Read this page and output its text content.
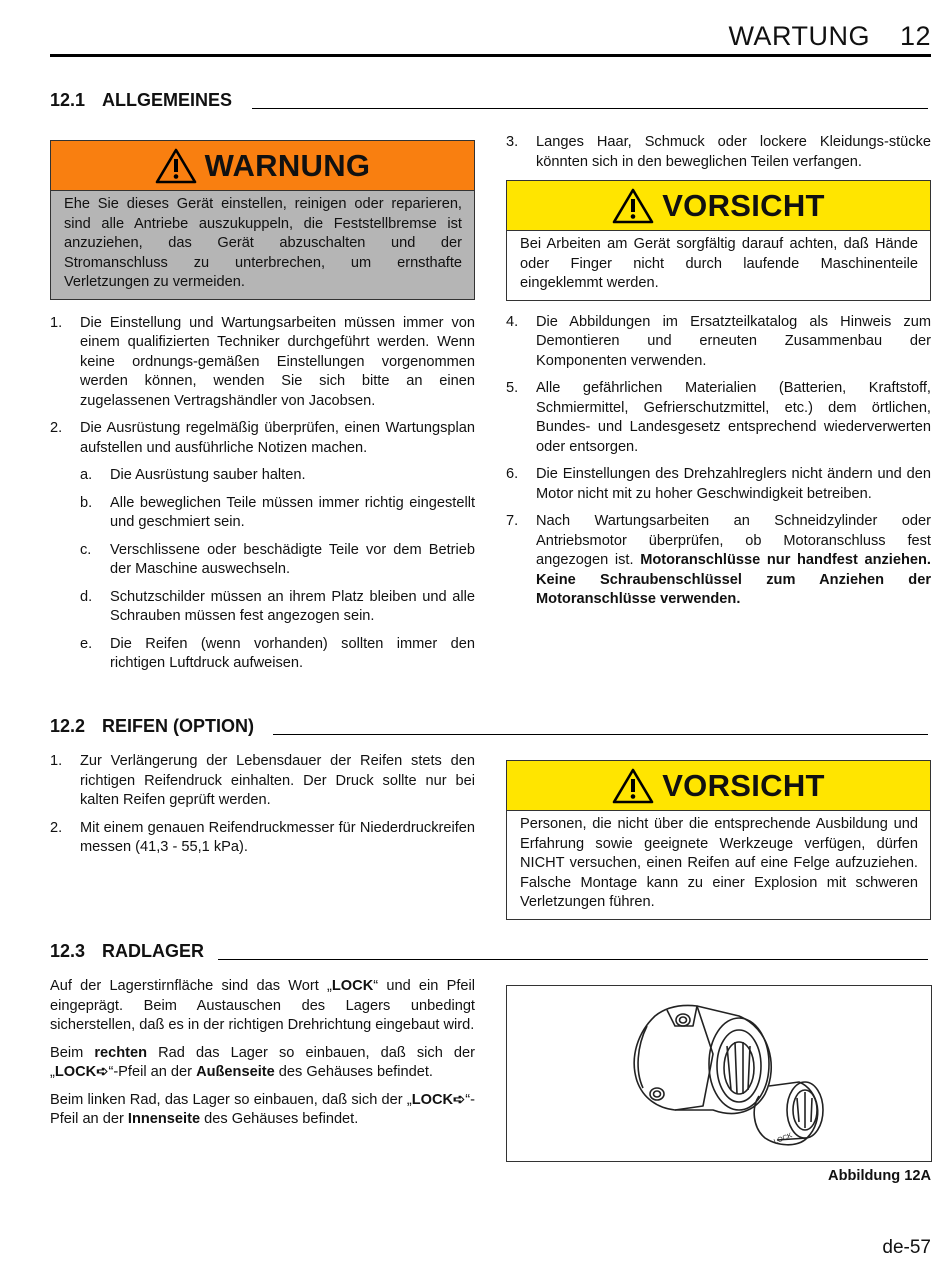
WARTUNG 12
12.1 ALLGEMEINES
WARNUNG
Ehe Sie dieses Gerät einstellen, reinigen oder reparieren, sind alle Antriebe auszukuppeln, die Feststellbremse ist anzuziehen, das Gerät abzuschalten und der Stromanschluss zu unterbrechen, um ernsthafte Verletzungen zu vermeiden.
1. Die Einstellung und Wartungsarbeiten müssen immer von einem qualifizierten Techniker durchgeführt werden. Wenn keine ordnungs-gemäßen Einstellungen vorgenommen werden können, wenden Sie sich bitte an einen zugelassenen Vertragshändler von Jacobsen.
2. Die Ausrüstung regelmäßig überprüfen, einen Wartungsplan aufstellen und ausführliche Notizen machen.
a. Die Ausrüstung sauber halten.
b. Alle beweglichen Teile müssen immer richtig eingestellt und geschmiert sein.
c. Verschlissene oder beschädigte Teile vor dem Betrieb der Maschine auswechseln.
d. Schutzschilder müssen an ihrem Platz bleiben und alle Schrauben müssen fest angezogen sein.
e. Die Reifen (wenn vorhanden) sollten immer den richtigen Luftdruck aufweisen.
3. Langes Haar, Schmuck oder lockere Kleidungs-stücke könnten sich in den beweglichen Teilen verfangen.
VORSICHT
Bei Arbeiten am Gerät sorgfältig darauf achten, daß Hände oder Finger nicht durch laufende Maschinenteile eingeklemmt werden.
4. Die Abbildungen im Ersatzteilkatalog als Hinweis zum Demontieren und erneuten Zusammenbau der Komponenten verwenden.
5. Alle gefährlichen Materialien (Batterien, Kraftstoff, Schmiermittel, Gefrierschutzmittel, etc.) dem örtlichen, Bundes- und Landesgesetz entsprechend wiederverwerten oder entsorgen.
6. Die Einstellungen des Drehzahlreglers nicht ändern und den Motor nicht mit zu hoher Geschwindigkeit betreiben.
7. Nach Wartungsarbeiten an Schneidzylinder oder Antriebsmotor überprüfen, ob Motoranschluss fest angezogen ist. Motoranschlüsse nur handfest anziehen. Keine Schraubenschlüssel zum Anziehen der Motoranschlüsse verwenden.
12.2 REIFEN (OPTION)
1. Zur Verlängerung der Lebensdauer der Reifen stets den richtigen Reifendruck einhalten. Der Druck sollte nur bei kalten Reifen geprüft werden.
2. Mit einem genauen Reifendruckmesser für Niederdruckreifen messen (41,3 - 55,1 kPa).
VORSICHT
Personen, die nicht über die entsprechende Ausbildung und Erfahrung sowie geeignete Werkzeuge verfügen, dürfen NICHT versuchen, einen Reifen auf eine Felge aufzuziehen. Falsche Montage kann zu einer Explosion mit schweren Verletzungen führen.
12.3 RADLAGER

Auf der Lagerstirnfläche sind das Wort „LOCK“ und ein Pfeil eingeprägt. Beim Austauschen des Lagers unbedingt sicherstellen, daß es in der richtigen Drehrichtung eingebaut wird.

Beim rechten Rad das Lager so einbauen, daß sich der „LOCK➪“-Pfeil an der Außenseite des Gehäuses befindet.

Beim linken Rad, das Lager so einbauen, daß sich der „LOCK➪“-Pfeil an der Innenseite des Gehäuses befindet.

LOCK
Abbildung 12A
de-57
